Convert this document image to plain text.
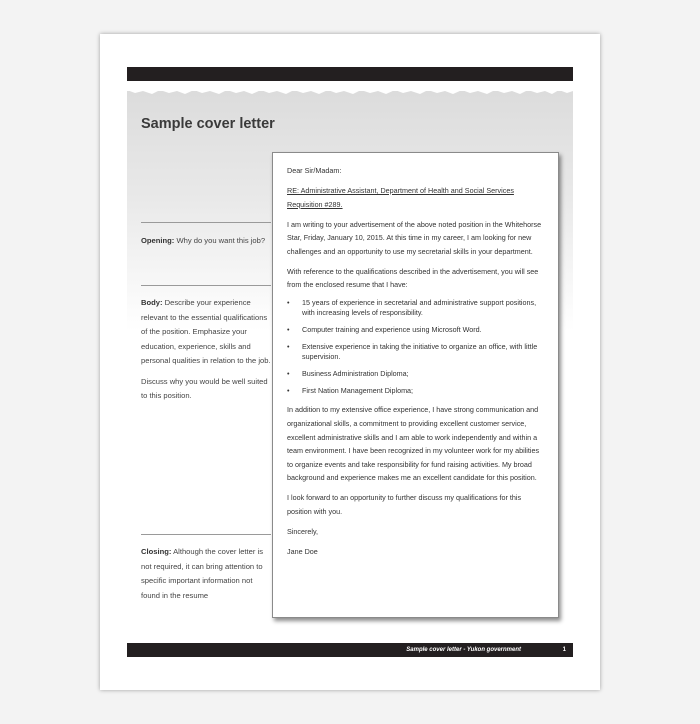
Sample cover letter
Opening: Why do you want this job?

Body: Describe your experience relevant to the essential qualifications of the position. Emphasize your education, experience, skills and personal qualities in relation to the job.

Discuss why you would be well suited to this position.

Closing: Although the cover letter is not required, it can bring attention to specific important information not found in the resume

Dear Sir/Madam:

RE: Administrative Assistant, Department of Health and Social Services Requisition #289.

I am writing to your advertisement of the above noted position in the Whitehorse Star, Friday, January 10, 2015. At this time in my career, I am looking for new challenges and an opportunity to use my secretarial skills in your department.

With reference to the qualifications described in the advertisement, you will see from the enclosed resume that I have:

• 15 years of experience in secretarial and administrative support positions, with increasing levels of responsibility.
• Computer training and experience using Microsoft Word.
• Extensive experience in taking the initiative to organize an office, with little supervision.
• Business Administration Diploma;
• First Nation Management Diploma;

In addition to my extensive office experience, I have strong communication and organizational skills, a commitment to providing excellent customer service, excellent administrative skills and I am able to work independently and within a team environment. I have been recognized in my volunteer work for my abilities to organize events and take responsibility for fund raising activities. My broad background and experience makes me an excellent candidate for this position.

I look forward to an opportunity to further discuss my qualifications for this position with you.

Sincerely,

Jane Doe

Sample cover letter - Yukon government	1
